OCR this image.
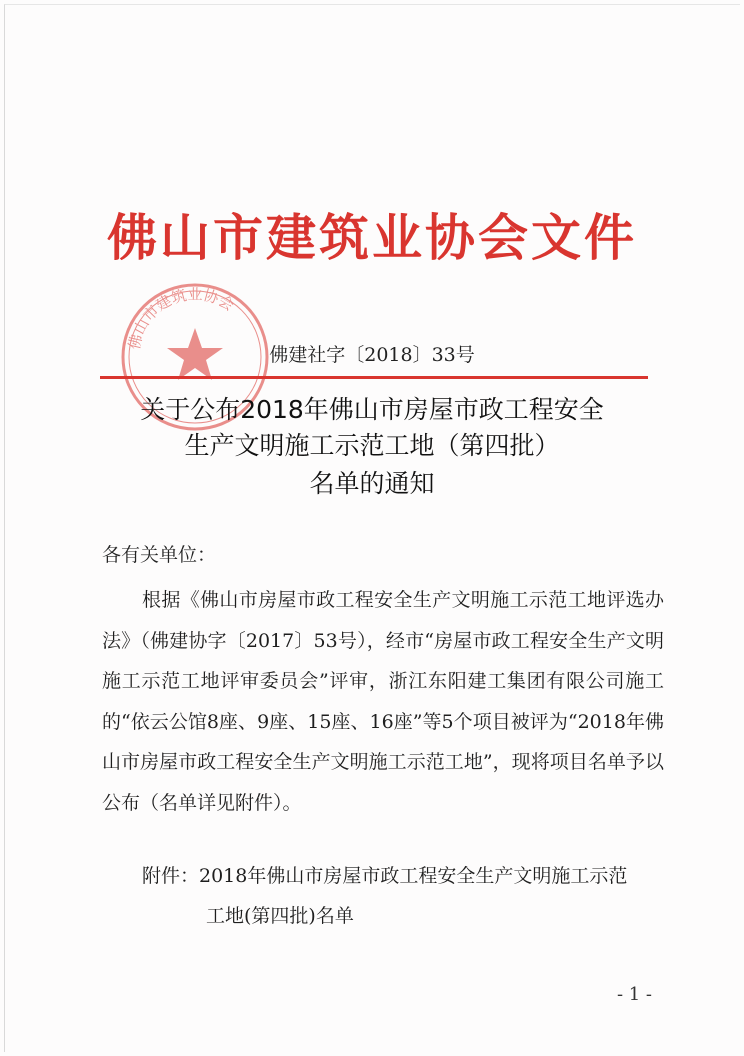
佛山市建筑业协会文件
佛山市建筑业协会
佛建社字〔2018〕33号
关于公布2018年佛山市房屋市政工程安全
生产文明施工示范工地（第四批）
名单的通知
各有关单位：

根据《佛山市房屋市政工程安全生产文明施工示范工地评选办法》（佛建协字〔2017〕53号），经市“房屋市政工程安全生产文明施工示范工地评审委员会”评审，浙江东阳建工集团有限公司施工的“依云公馆8座、9座、15座、16座”等5个项目被评为“2018年佛山市房屋市政工程安全生产文明施工示范工地”，现将项目名单予以公布（名单详见附件）。

附件：2018年佛山市房屋市政工程安全生产文明施工示范
工地(第四批)名单
- 1 -
